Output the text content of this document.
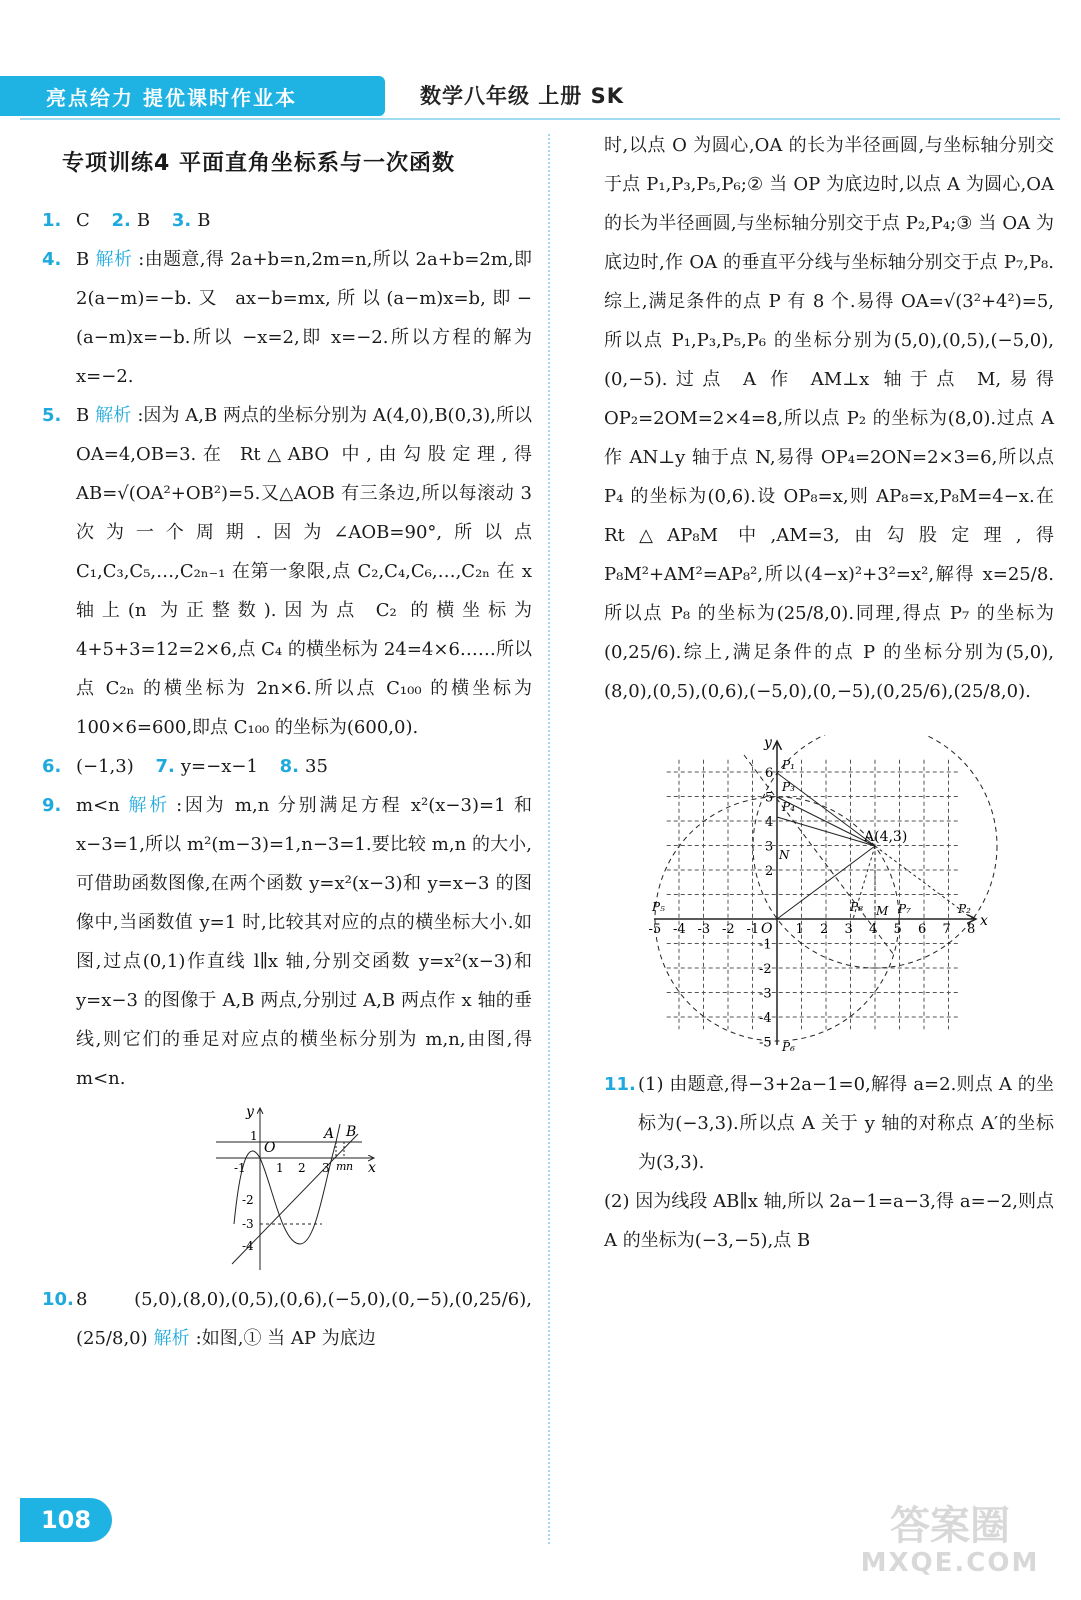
亮点给力 提优课时作业本	数学八年级 上册 SK
专项训练4 平面直角坐标系与一次函数
1. C 2. B 3. B
4. B 解析 :由题意,得 2a+b=n,2m=n,所以 2a+b=2m,即 2(a−m)=−b.又 ax−b=mx,所以(a−m)x=b,即−(a−m)x=−b.所以 −x=2,即 x=−2.所以方程的解为 x=−2.
5. B 解析 :因为 A,B 两点的坐标分别为 A(4,0),B(0,3),所以 OA=4,OB=3.在 Rt△ABO 中,由勾股定理,得 AB=√(OA²+OB²)=5.又△AOB 有三条边,所以每滚动 3 次为一个周期.因为∠AOB=90°,所以点 C₁,C₃,C₅,…,C₂ₙ₋₁ 在第一象限,点 C₂,C₄,C₆,…,C₂ₙ 在 x 轴上(n 为正整数).因为点 C₂ 的横坐标为 4+5+3=12=2×6,点 C₄ 的横坐标为 24=4×6……所以点 C₂ₙ 的横坐标为 2n×6.所以点 C₁₀₀ 的横坐标为 100×6=600,即点 C₁₀₀ 的坐标为(600,0).
6. (−1,3) 7. y=−x−1 8. 35
9. m<n 解析 :因为 m,n 分别满足方程 x²(x−3)=1 和 x−3=1,所以 m²(m−3)=1,n−3=1.要比较 m,n 的大小,可借助函数图像,在两个函数 y=x²(x−3)和 y=x−3 的图像中,当函数值 y=1 时,比较其对应的点的横坐标大小.如图,过点(0,1)作直线 l∥x 轴,分别交函数 y=x²(x−3)和 y=x−3 的图像于 A,B 两点,分别过 A,B 两点作 x 轴的垂线,则它们的垂足对应点的横坐标分别为 m,n,由图,得 m<n.
y
x
O
-1	1 2 3
1
-2
-3
-4
A B
m n
10. 8 (5,0),(8,0),(0,5),(0,6),(−5,0),(0,−5),(0,25/6),(25/8,0) 解析 :如图,① 当 AP 为底边
时,以点 O 为圆心,OA 的长为半径画圆,与坐标轴分别交于点 P₁,P₃,P₅,P₆;② 当 OP 为底边时,以点 A 为圆心,OA 的长为半径画圆,与坐标轴分别交于点 P₂,P₄;③ 当 OA 为底边时,作 OA 的垂直平分线与坐标轴分别交于点 P₇,P₈.综上,满足条件的点 P 有 8 个.易得 OA=√(3²+4²)=5,所以点 P₁,P₃,P₅,P₆ 的坐标分别为(5,0),(0,5),(−5,0),(0,−5).过点 A 作 AM⊥x 轴于点 M,易得 OP₂=2OM=2×4=8,所以点 P₂ 的坐标为(8,0).过点 A 作 AN⊥y 轴于点 N,易得 OP₄=2ON=2×3=6,所以点 P₄ 的坐标为(0,6).设 OP₈=x,则 AP₈=x,P₈M=4−x.在 Rt△AP₈M 中,AM=3,由勾股定理,得 P₈M²+AM²=AP₈²,所以(4−x)²+3²=x²,解得 x=25/8.所以点 P₈ 的坐标为(25/8,0).同理,得点 P₇ 的坐标为(0,25/6).综上,满足条件的点 P 的坐标分别为(5,0),(8,0),(0,5),(0,6),(−5,0),(0,−5),(0,25/6),(25/8,0).
A(4,3)
-5 -4 -3 -2 -1	1 2 3 4 5 6 7 8
6
5
4
3
2
-1
-2
-3
-4
-5
x
y
O
P₁
P₂
P₃
P₄
P₅
P₆
P₇
P₈ M
N
11. (1) 由题意,得−3+2a−1=0,解得 a=2.则点 A 的坐标为(−3,3).所以点 A 关于 y 轴的对称点 A′的坐标为(3,3).
(2) 因为线段 AB∥x 轴,所以 2a−1=a−3,得 a=−2,则点 A 的坐标为(−3,−5),点 B
108	答案圈
MXQE.COM
